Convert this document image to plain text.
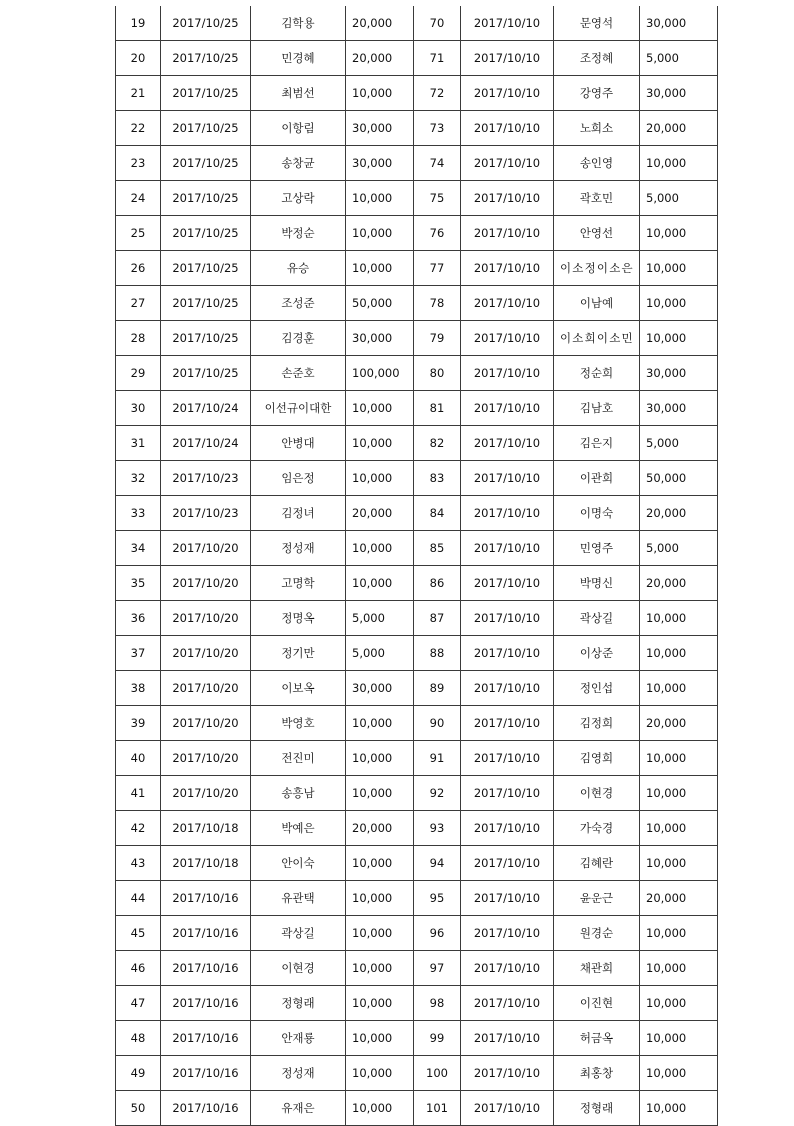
19	2017/10/25	김학용	20,000	70	2017/10/10	문영석	30,000
20	2017/10/25	민경혜	20,000	71	2017/10/10	조정혜	5,000
21	2017/10/25	최범선	10,000	72	2017/10/10	강영주	30,000
22	2017/10/25	이항림	30,000	73	2017/10/10	노희소	20,000
23	2017/10/25	송창균	30,000	74	2017/10/10	송인영	10,000
24	2017/10/25	고상락	10,000	75	2017/10/10	곽호민	5,000
25	2017/10/25	박정순	10,000	76	2017/10/10	안영선	10,000
26	2017/10/25	유승	10,000	77	2017/10/10	이소정이소은	10,000
27	2017/10/25	조성준	50,000	78	2017/10/10	이남예	10,000
28	2017/10/25	김경훈	30,000	79	2017/10/10	이소희이소민	10,000
29	2017/10/25	손준호	100,000	80	2017/10/10	정순희	30,000
30	2017/10/24	이선규이대한	10,000	81	2017/10/10	김남호	30,000
31	2017/10/24	안병대	10,000	82	2017/10/10	김은지	5,000
32	2017/10/23	임은정	10,000	83	2017/10/10	이관희	50,000
33	2017/10/23	김정녀	20,000	84	2017/10/10	이명숙	20,000
34	2017/10/20	정성재	10,000	85	2017/10/10	민영주	5,000
35	2017/10/20	고명학	10,000	86	2017/10/10	박명신	20,000
36	2017/10/20	정명옥	5,000	87	2017/10/10	곽상길	10,000
37	2017/10/20	정기만	5,000	88	2017/10/10	이상준	10,000
38	2017/10/20	이보옥	30,000	89	2017/10/10	정인섭	10,000
39	2017/10/20	박영호	10,000	90	2017/10/10	김정희	20,000
40	2017/10/20	전진미	10,000	91	2017/10/10	김영희	10,000
41	2017/10/20	송흥남	10,000	92	2017/10/10	이현경	10,000
42	2017/10/18	박예은	20,000	93	2017/10/10	가숙경	10,000
43	2017/10/18	안이숙	10,000	94	2017/10/10	김혜란	10,000
44	2017/10/16	유관택	10,000	95	2017/10/10	윤운근	20,000
45	2017/10/16	곽상길	10,000	96	2017/10/10	원경순	10,000
46	2017/10/16	이현경	10,000	97	2017/10/10	채관희	10,000
47	2017/10/16	정형래	10,000	98	2017/10/10	이진현	10,000
48	2017/10/16	안재룡	10,000	99	2017/10/10	허금옥	10,000
49	2017/10/16	정성재	10,000	100	2017/10/10	최홍창	10,000
50	2017/10/16	유재은	10,000	101	2017/10/10	정형래	10,000
